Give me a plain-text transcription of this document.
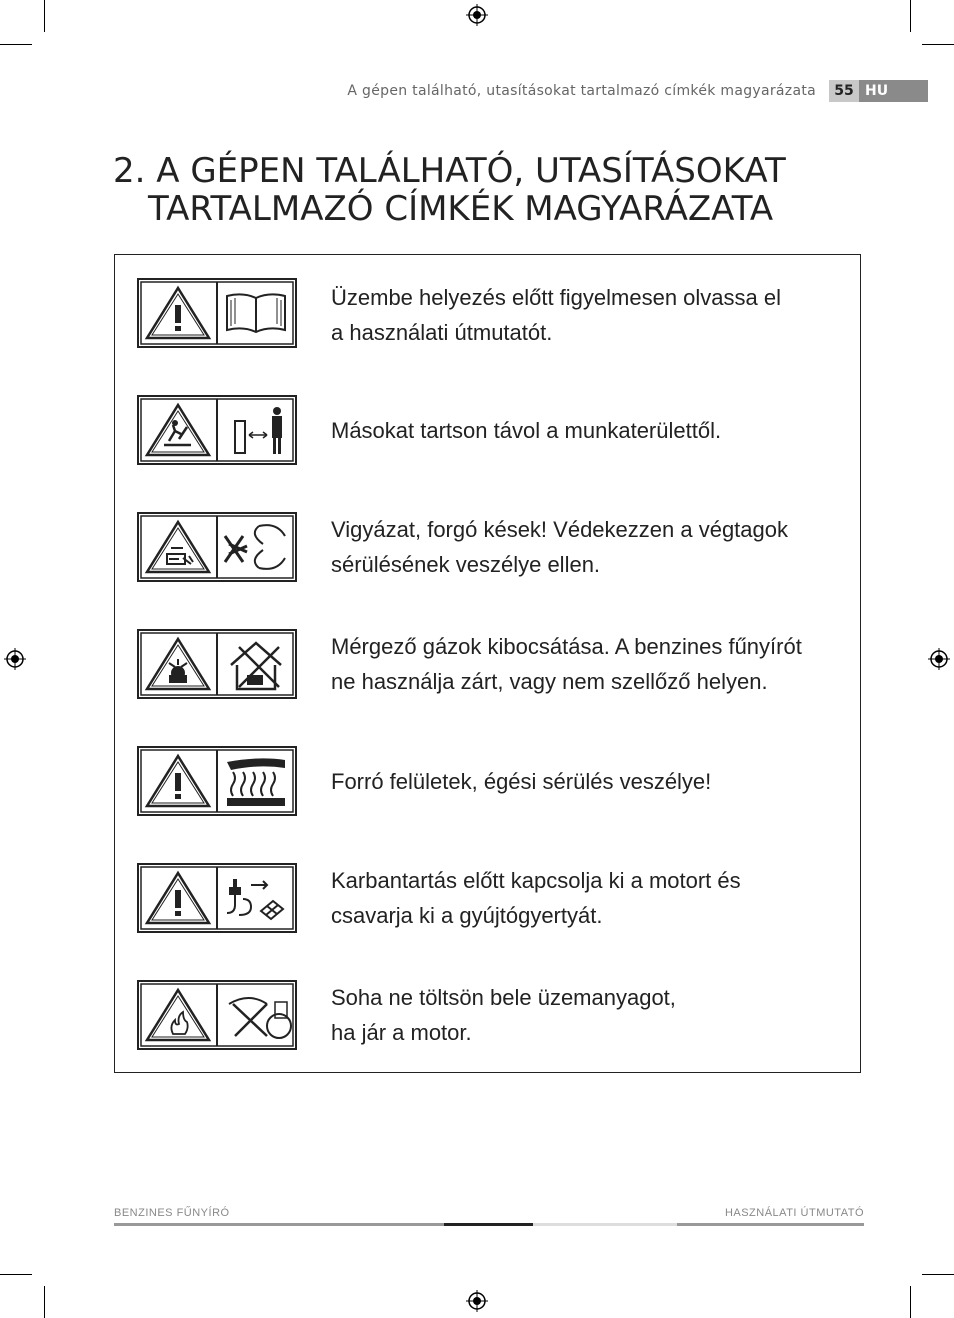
A gépen található, utasításokat tartalmazó címkék magyarázata	55 HU
2. A GÉPEN TALÁLHATÓ, UTASÍTÁSOKAT
TARTALMAZÓ CÍMKÉK MAGYARÁZATA
Üzembe helyezés előtt figyelmesen olvassa el
a használati útmutatót.
Másokat tartson távol a munkaterülettől.
Vigyázat, forgó kések! Védekezzen a végtagok
sérülésének veszélye ellen.
Mérgező gázok kibocsátása. A benzines fűnyírót
ne használja zárt, vagy nem szellőző helyen.
Forró felületek, égési sérülés veszélye!
Karbantartás előtt kapcsolja ki a motort és
csavarja ki a gyújtógyertyát.
Soha ne töltsön bele üzemanyagot,
ha jár a motor.
BENZINES FŰNYÍRÓ	HASZNÁLATI ÚTMUTATÓ
